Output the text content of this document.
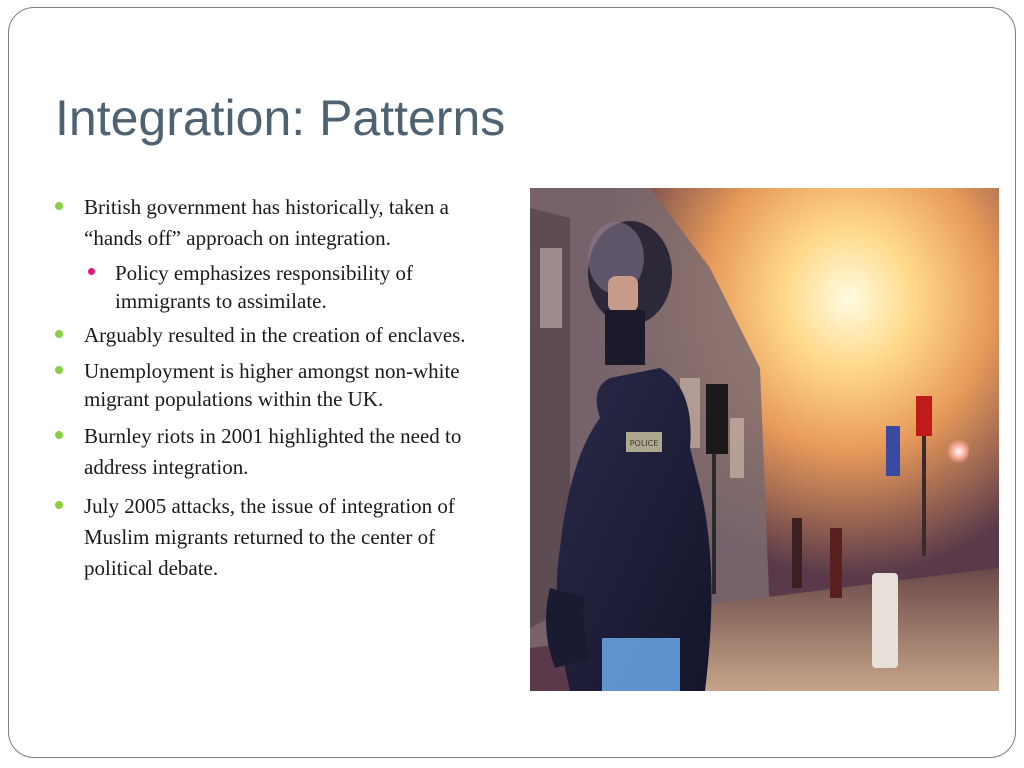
Integration: Patterns
British government has historically, taken a “hands off” approach on integration.
Policy emphasizes responsibility of immigrants to assimilate.
Arguably resulted in the creation of enclaves.
Unemployment is higher amongst non-white migrant populations within the UK.
Burnley riots in 2001 highlighted the need to address integration.
July 2005 attacks, the issue of integration of Muslim migrants returned to the center of political debate.
POLICE
